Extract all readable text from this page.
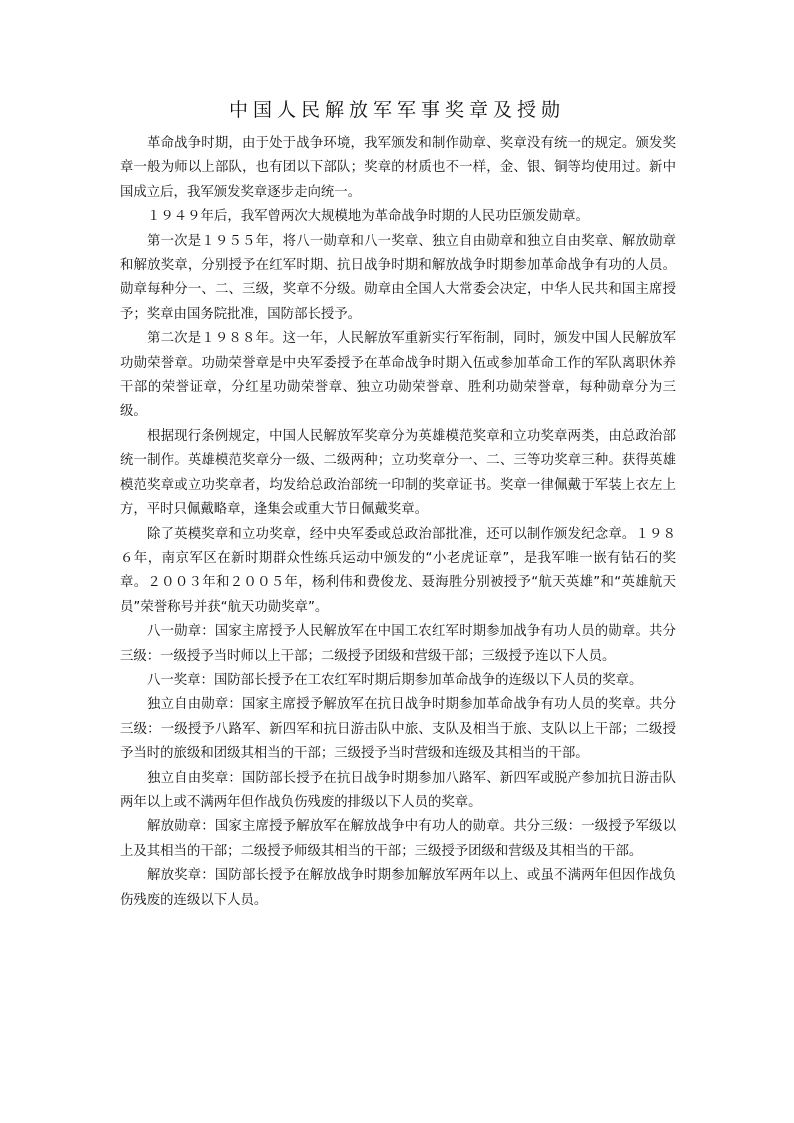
中国人民解放军军事奖章及授勋

革命战争时期，由于处于战争环境，我军颁发和制作勋章、奖章没有统一的规定。颁发奖章一般为师以上部队，也有团以下部队；奖章的材质也不一样，金、银、铜等均使用过。新中国成立后，我军颁发奖章逐步走向统一。

１９４９年后，我军曾两次大规模地为革命战争时期的人民功臣颁发勋章。

第一次是１９５５年，将八一勋章和八一奖章、独立自由勋章和独立自由奖章、解放勋章和解放奖章，分别授予在红军时期、抗日战争时期和解放战争时期参加革命战争有功的人员。勋章每种分一、二、三级，奖章不分级。勋章由全国人大常委会决定，中华人民共和国主席授予；奖章由国务院批准，国防部长授予。

第二次是１９８８年。这一年，人民解放军重新实行军衔制，同时，颁发中国人民解放军功勋荣誉章。功勋荣誉章是中央军委授予在革命战争时期入伍或参加革命工作的军队离职休养干部的荣誉证章，分红星功勋荣誉章、独立功勋荣誉章、胜利功勋荣誉章，每种勋章分为三级。

根据现行条例规定，中国人民解放军奖章分为英雄模范奖章和立功奖章两类，由总政治部统一制作。英雄模范奖章分一级、二级两种；立功奖章分一、二、三等功奖章三种。获得英雄模范奖章或立功奖章者，均发给总政治部统一印制的奖章证书。奖章一律佩戴于军装上衣左上方，平时只佩戴略章，逢集会或重大节日佩戴奖章。

除了英模奖章和立功奖章，经中央军委或总政治部批准，还可以制作颁发纪念章。１９８６年，南京军区在新时期群众性练兵运动中颁发的“小老虎证章”，是我军唯一嵌有钻石的奖章。２００３年和２００５年，杨利伟和费俊龙、聂海胜分别被授予“航天英雄”和“英雄航天员”荣誉称号并获“航天功勋奖章”。

八一勋章：国家主席授予人民解放军在中国工农红军时期参加战争有功人员的勋章。共分三级：一级授予当时师以上干部；二级授予团级和营级干部；三级授予连以下人员。

八一奖章：国防部长授予在工农红军时期后期参加革命战争的连级以下人员的奖章。

独立自由勋章：国家主席授予解放军在抗日战争时期参加革命战争有功人员的奖章。共分三级：一级授予八路军、新四军和抗日游击队中旅、支队及相当于旅、支队以上干部；二级授予当时的旅级和团级其相当的干部；三级授予当时营级和连级及其相当的干部。

独立自由奖章：国防部长授予在抗日战争时期参加八路军、新四军或脱产参加抗日游击队两年以上或不满两年但作战负伤残废的排级以下人员的奖章。

解放勋章：国家主席授予解放军在解放战争中有功人的勋章。共分三级：一级授予军级以上及其相当的干部；二级授予师级其相当的干部；三级授予团级和营级及其相当的干部。

解放奖章：国防部长授予在解放战争时期参加解放军两年以上、或虽不满两年但因作战负伤残废的连级以下人员。
